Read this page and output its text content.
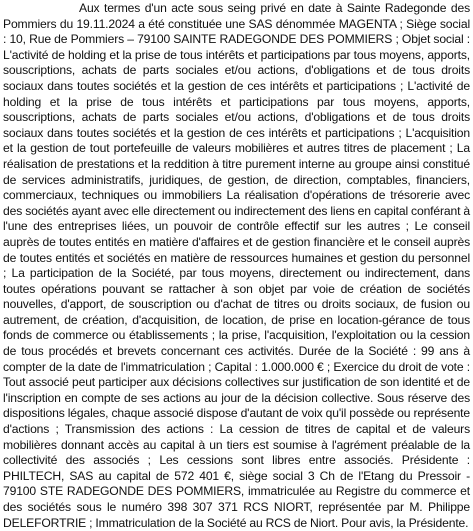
Aux termes d'un acte sous seing privé en date à Sainte Radegonde des Pommiers du 19.11.2024 a été constituée une SAS dénommée MAGENTA ; Siège social : 10, Rue de Pommiers – 79100 SAINTE RADEGONDE DES POMMIERS ; Objet social : L'activité de holding et la prise de tous intérêts et participations par tous moyens, apports, souscriptions, achats de parts sociales et/ou actions, d'obligations et de tous droits sociaux dans toutes sociétés et la gestion de ces intérêts et participations ; L'activité de holding et la prise de tous intérêts et participations par tous moyens, apports, souscriptions, achats de parts sociales et/ou actions, d'obligations et de tous droits sociaux dans toutes sociétés et la gestion de ces intérêts et participations ; L'acquisition et la gestion de tout portefeuille de valeurs mobilières et autres titres de placement ; La réalisation de prestations et la reddition à titre purement interne au groupe ainsi constitué de services administratifs, juridiques, de gestion, de direction, comptables, financiers, commerciaux, techniques ou immobiliers La réalisation d'opérations de trésorerie avec des sociétés ayant avec elle directement ou indirectement des liens en capital conférant à l'une des entreprises liées, un pouvoir de contrôle effectif sur les autres ; Le conseil auprès de toutes entités en matière d'affaires et de gestion financière et le conseil auprès de toutes entités et sociétés en matière de ressources humaines et gestion du personnel ; La participation de la Société, par tous moyens, directement ou indirectement, dans toutes opérations pouvant se rattacher à son objet par voie de création de sociétés nouvelles, d'apport, de souscription ou d'achat de titres ou droits sociaux, de fusion ou autrement, de création, d'acquisition, de location, de prise en location-gérance de tous fonds de commerce ou établissements ; la prise, l'acquisition, l'exploitation ou la cession de tous procédés et brevets concernant ces activités. Durée de la Société : 99 ans à compter de la date de l'immatriculation ; Capital : 1.000.000 € ; Exercice du droit de vote : Tout associé peut participer aux décisions collectives sur justification de son identité et de l'inscription en compte de ses actions au jour de la décision collective. Sous réserve des dispositions légales, chaque associé dispose d'autant de voix qu'il possède ou représente d'actions ; Transmission des actions : La cession de titres de capital et de valeurs mobilières donnant accès au capital à un tiers est soumise à l'agrément préalable de la collectivité des associés ; Les cessions sont libres entre associés. Présidente : PHILTECH, SAS au capital de 572 401 €, siège social 3 Ch de l'Etang du Pressoir - 79100 STE RADEGONDE DES POMMIERS, immatriculée au Registre du commerce et des sociétés sous le numéro 398 307 371 RCS NIORT, représentée par M. Philippe DELEFORTRIE ; Immatriculation de la Société au RCS de Niort. Pour avis, la Présidente.
